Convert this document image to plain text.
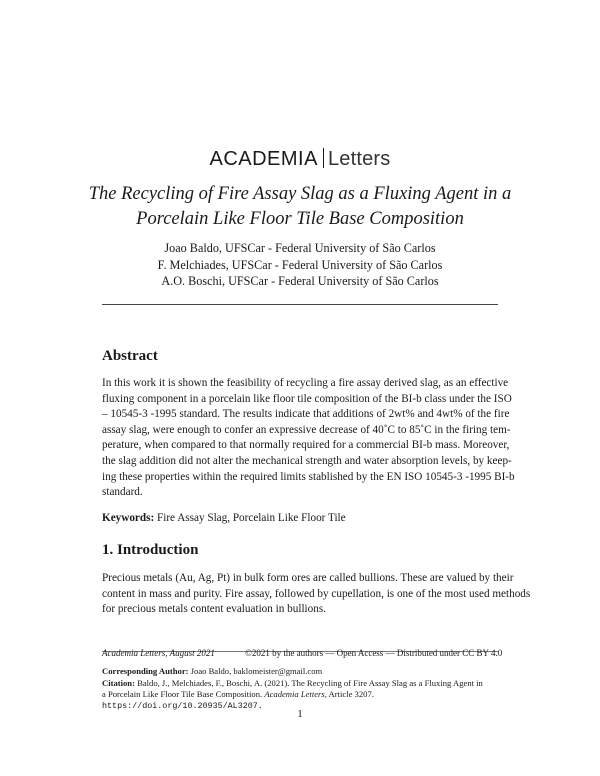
ACADEMIA Letters
The Recycling of Fire Assay Slag as a Fluxing Agent in a
Porcelain Like Floor Tile Base Composition
Joao Baldo, UFSCar - Federal University of São Carlos
F. Melchiades, UFSCar - Federal University of São Carlos
A.O. Boschi, UFSCar - Federal University of São Carlos
Abstract
In this work it is shown the feasibility of recycling a fire assay derived slag, as an effective
fluxing component in a porcelain like floor tile composition of the BI-b class under the ISO
– 10545-3 -1995 standard. The results indicate that additions of 2wt% and 4wt% of the fire
assay slag, were enough to confer an expressive decrease of 40˚C to 85˚C in the firing tem-
perature, when compared to that normally required for a commercial BI-b mass. Moreover,
the slag addition did not alter the mechanical strength and water absorption levels, by keep-
ing these properties within the required limits stablished by the EN ISO 10545-3 -1995 BI-b
standard.
Keywords: Fire Assay Slag, Porcelain Like Floor Tile
1. Introduction
Precious metals (Au, Ag, Pt) in bulk form ores are called bullions. These are valued by their
content in mass and purity. Fire assay, followed by cupellation, is one of the most used methods
for precious metals content evaluation in bullions.
Academia Letters, August 2021	©2021 by the authors — Open Access — Distributed under CC BY 4.0
Corresponding Author: Joao Baldo, baklomeister@gmail.com
Citation: Baldo, J., Melchiades, F., Boschi, A. (2021). The Recycling of Fire Assay Slag as a Fluxing Agent in
a Porcelain Like Floor Tile Base Composition. Academia Letters, Article 3207.
https://doi.org/10.20935/AL3207.
1
